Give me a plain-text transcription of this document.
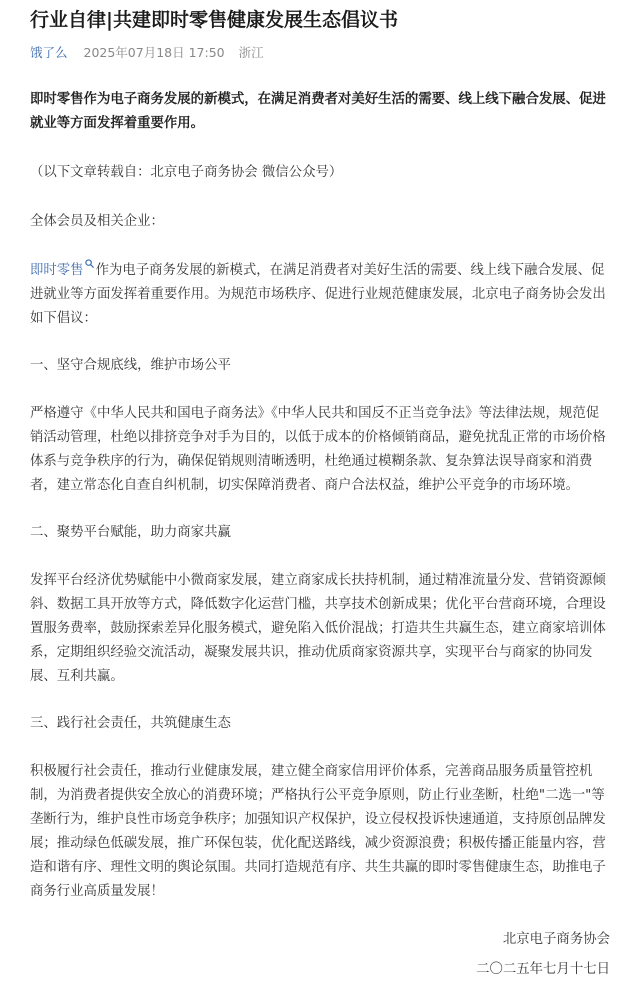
行业自律|共建即时零售健康发展生态倡议书
饿了么 2025年07月18日 17:50 浙江

即时零售作为电子商务发展的新模式，在满足消费者对美好生活的需要、线上线下融合发展、促进就业等方面发挥着重要作用。

（以下文章转载自：北京电子商务协会 微信公众号）

全体会员及相关企业：

即时零售 作为电子商务发展的新模式，在满足消费者对美好生活的需要、线上线下融合发展、促进就业等方面发挥着重要作用。为规范市场秩序、促进行业规范健康发展，北京电子商务协会发出如下倡议：

一、坚守合规底线，维护市场公平

严格遵守《中华人民共和国电子商务法》《中华人民共和国反不正当竞争法》等法律法规，规范促销活动管理，杜绝以排挤竞争对手为目的，以低于成本的价格倾销商品，避免扰乱正常的市场价格体系与竞争秩序的行为，确保促销规则清晰透明，杜绝通过模糊条款、复杂算法误导商家和消费者，建立常态化自查自纠机制，切实保障消费者、商户合法权益，维护公平竞争的市场环境。

二、聚势平台赋能，助力商家共赢

发挥平台经济优势赋能中小微商家发展，建立商家成长扶持机制，通过精准流量分发、营销资源倾斜、数据工具开放等方式，降低数字化运营门槛，共享技术创新成果；优化平台营商环境，合理设置服务费率，鼓励探索差异化服务模式，避免陷入低价混战；打造共生共赢生态，建立商家培训体系，定期组织经验交流活动，凝聚发展共识，推动优质商家资源共享，实现平台与商家的协同发展、互利共赢。

三、践行社会责任，共筑健康生态

积极履行社会责任，推动行业健康发展，建立健全商家信用评价体系，完善商品服务质量管控机制，为消费者提供安全放心的消费环境；严格执行公平竞争原则，防止行业垄断，杜绝"二选一"等垄断行为，维护良性市场竞争秩序；加强知识产权保护，设立侵权投诉快速通道，支持原创品牌发展；推动绿色低碳发展，推广环保包装，优化配送路线，减少资源浪费；积极传播正能量内容，营造和谐有序、理性文明的舆论氛围。共同打造规范有序、共生共赢的即时零售健康生态，助推电子商务行业高质量发展！

北京电子商务协会
二〇二五年七月十七日
